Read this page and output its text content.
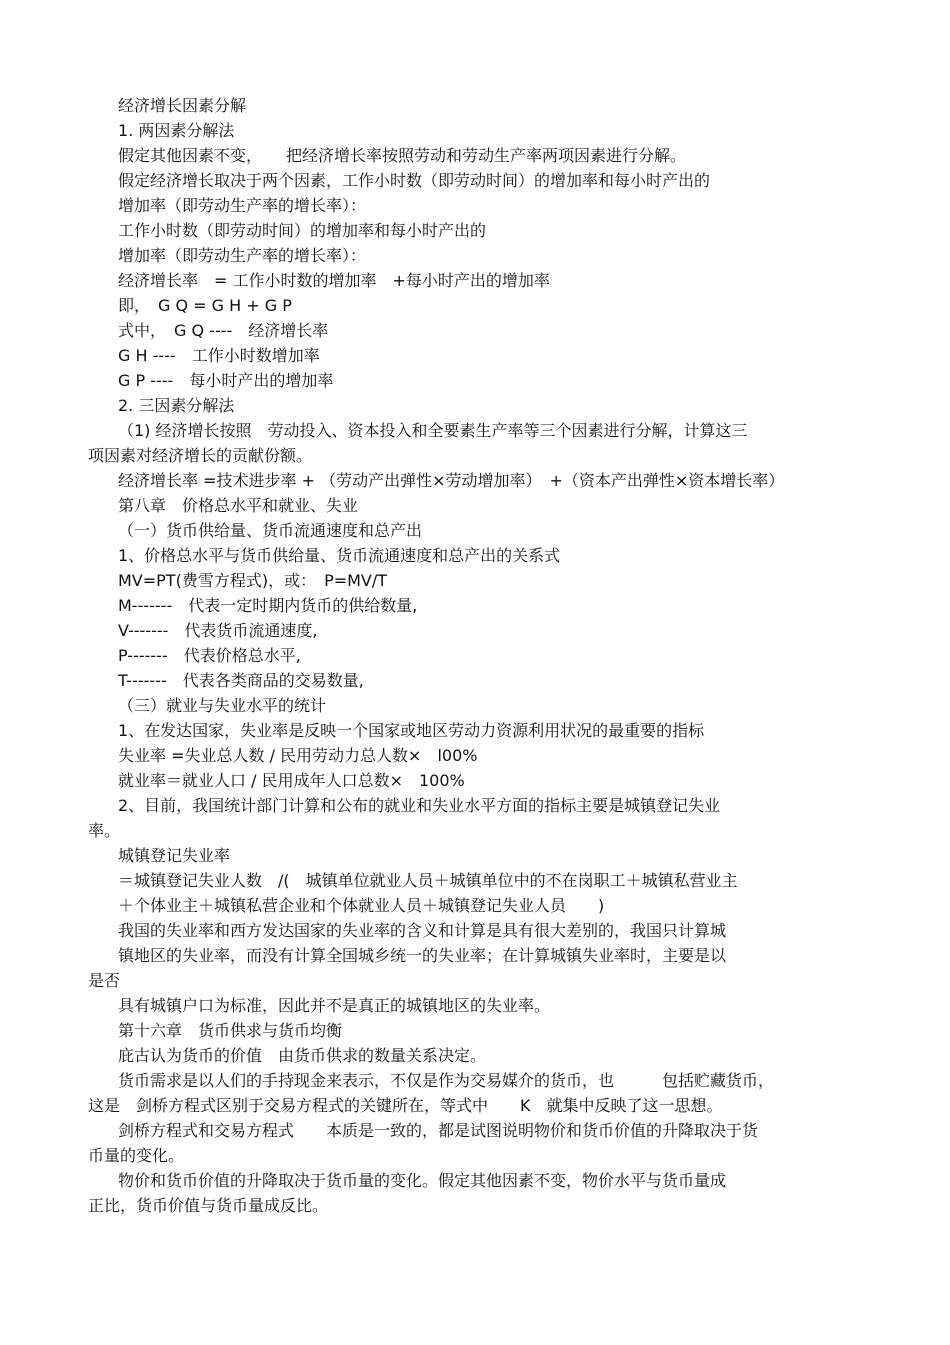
经济增长因素分解
1. 两因素分解法
假定其他因素不变，　　把经济增长率按照劳动和劳动生产率两项因素进行分解。
假定经济增长取决于两个因素，工作小时数（即劳动时间）的增加率和每小时产出的
增加率（即劳动生产率的增长率）：
工作小时数（即劳动时间）的增加率和每小时产出的
增加率（即劳动生产率的增长率）：
经济增长率　= 工作小时数的增加率　+每小时产出的增加率
即，　G Q = G H + G P
式中，　G Q ----　经济增长率
G H ----　工作小时数增加率
G P ----　每小时产出的增加率
2. 三因素分解法
（1) 经济增长按照　劳动投入、资本投入和全要素生产率等三个因素进行分解，计算这三
项因素对经济增长的贡献份额。
经济增长率 =技术进步率 + （劳动产出弹性×劳动增加率）　+（资本产出弹性×资本增长率）
第八章　价格总水平和就业、失业
（一）货币供给量、货币流通速度和总产出
1、价格总水平与货币供给量、货币流通速度和总产出的关系式
MV=PT(费雪方程式)，或：　P=MV/T
M-------　代表一定时期内货币的供给数量,
V-------　代表货币流通速度,
P-------　代表价格总水平,
T-------　代表各类商品的交易数量,
（三）就业与失业水平的统计
1、在发达国家，失业率是反映一个国家或地区劳动力资源利用状况的最重要的指标
失业率 =失业总人数 / 民用劳动力总人数×　l00%
就业率＝就业人口 / 民用成年人口总数×　100%
2、目前，我国统计部门计算和公布的就业和失业水平方面的指标主要是城镇登记失业
率。
城镇登记失业率
＝城镇登记失业人数　/(　城镇单位就业人员＋城镇单位中的不在岗职工＋城镇私营业主
＋个体业主＋城镇私营企业和个体就业人员＋城镇登记失业人员　　)
我国的失业率和西方发达国家的失业率的含义和计算是具有很大差别的，我国只计算城
镇地区的失业率，而没有计算全国城乡统一的失业率；在计算城镇失业率时，主要是以
是否
具有城镇户口为标准，因此并不是真正的城镇地区的失业率。
第十六章　货币供求与货币均衡
庇古认为货币的价值　由货币供求的数量关系决定。
货币需求是以人们的手持现金来表示，不仅是作为交易媒介的货币，也　　　包括贮藏货币，
这是　剑桥方程式区别于交易方程式的关键所在，等式中　　K　就集中反映了这一思想。
剑桥方程式和交易方程式　　本质是一致的，都是试图说明物价和货币价值的升降取决于货
币量的变化。
物价和货币价值的升降取决于货币量的变化。假定其他因素不变，物价水平与货币量成
正比，货币价值与货币量成反比。
